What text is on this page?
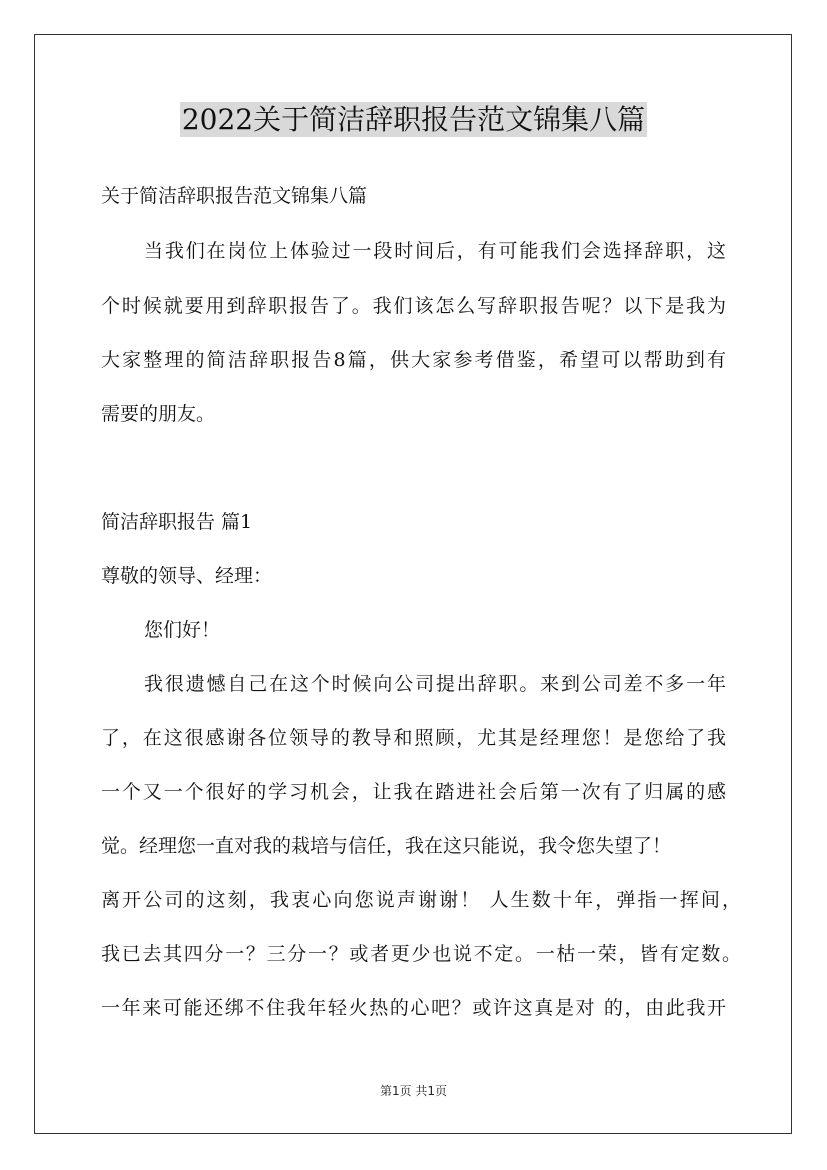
2022关于简洁辞职报告范文锦集八篇
关于简洁辞职报告范文锦集八篇
当我们在岗位上体验过一段时间后，有可能我们会选择辞职，这
个时候就要用到辞职报告了。我们该怎么写辞职报告呢？以下是我为
大家整理的简洁辞职报告8篇，供大家参考借鉴，希望可以帮助到有
需要的朋友。
简洁辞职报告 篇1
尊敬的领导、经理：
您们好！
我很遗憾自己在这个时候向公司提出辞职。来到公司差不多一年
了，在这很感谢各位领导的教导和照顾，尤其是经理您！是您给了我
一个又一个很好的学习机会，让我在踏进社会后第一次有了归属的感
觉。经理您一直对我的栽培与信任，我在这只能说，我令您失望了！
离开公司的这刻，我衷心向您说声谢谢！ 人生数十年，弹指一挥间，
我已去其四分一？三分一？或者更少也说不定。一枯一荣，皆有定数。
一年来可能还绑不住我年轻火热的心吧？或许这真是对 的，由此我开
第1页 共1页
